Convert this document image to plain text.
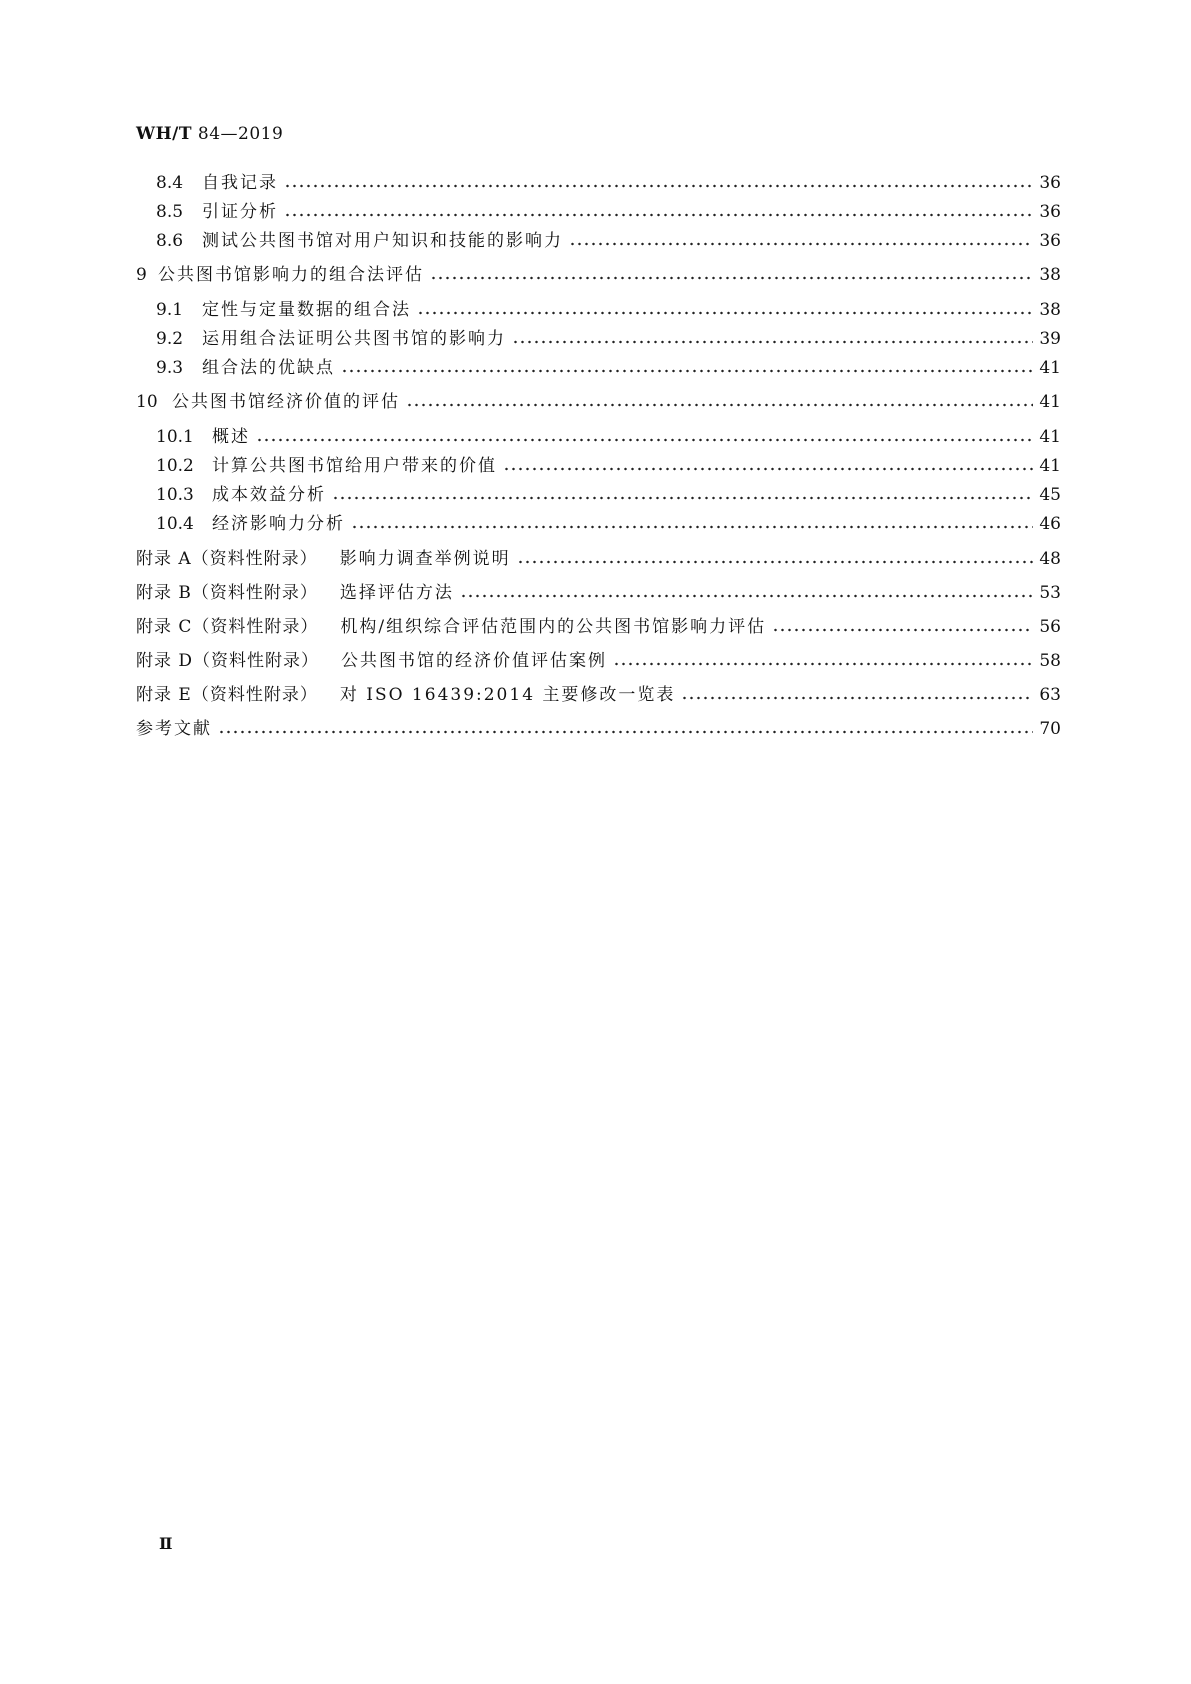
WH/T 84—2019
8.4	自我记录	36
8.5	引证分析	36
8.6	测试公共图书馆对用户知识和技能的影响力	36
9 公共图书馆影响力的组合法评估	38
9.1	定性与定量数据的组合法	38
9.2	运用组合法证明公共图书馆的影响力	39
9.3	组合法的优缺点	41
10 公共图书馆经济价值的评估	41
10.1	概述	41
10.2	计算公共图书馆给用户带来的价值	41
10.3	成本效益分析	45
10.4	经济影响力分析	46
附录 A（资料性附录） 影响力调查举例说明	48
附录 B（资料性附录） 选择评估方法	53
附录 C（资料性附录） 机构/组织综合评估范围内的公共图书馆影响力评估	56
附录 D（资料性附录） 公共图书馆的经济价值评估案例	58
附录 E（资料性附录） 对 ISO 16439:2014 主要修改一览表	63
参考文献	70
Ⅱ
